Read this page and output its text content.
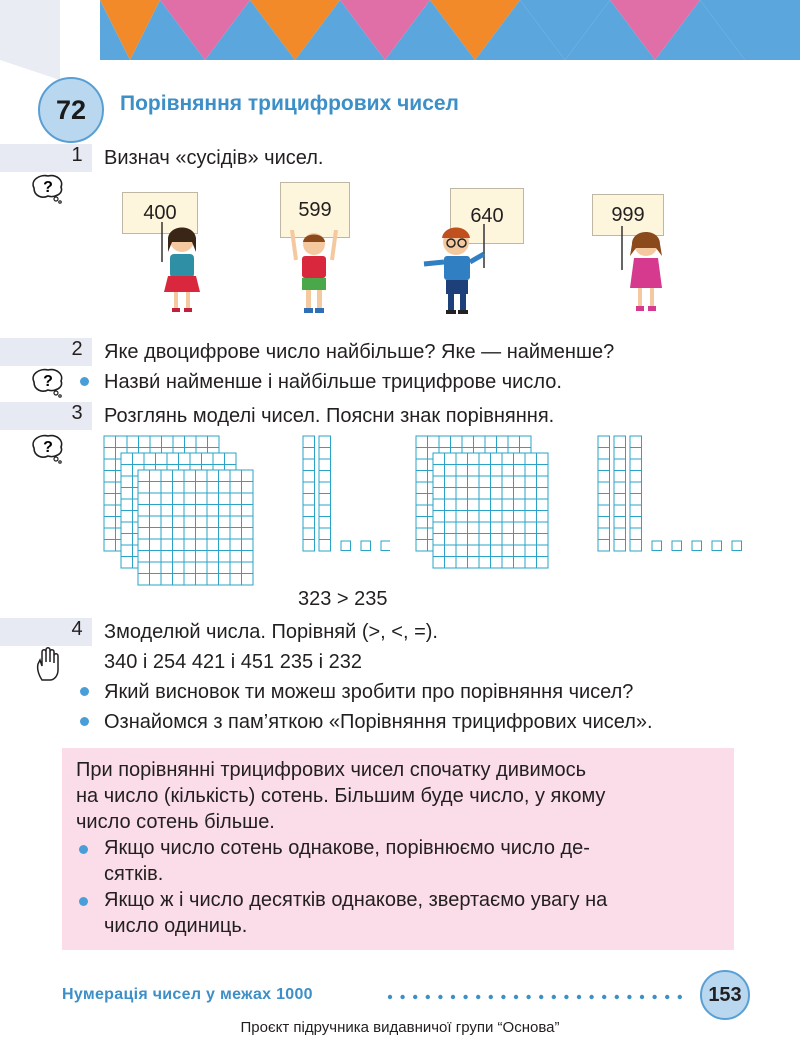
72 Порівняння трицифрових чисел
1 Визнач «сусідів» чисел.
?
400	599	640	999
2 Яке двоцифрове число найбільше? Яке — найменше?
?	Назви́ найменше і найбільше трицифрове число.
3 Розглянь моделі чисел. Поясни знак порівняння.
?
323 > 235
4 Змоделюй числа. Порівняй (>, <, =).
340 і 254 421 і 451 235 і 232
Який висновок ти можеш зробити про порівняння чисел?
Ознайомся з пам’яткою «Порівняння трицифрових чисел».
При порівнянні трицифрових чисел спочатку дивимось
на число (кількість) сотень. Більшим буде число, у якому
число сотень більше.
Якщо число сотень однакове, порівнюємо число де-
сятків.
Якщо ж і число десятків однакове, звертаємо увагу на
число одиниць.
Нумерація чисел у межах 1000	153
Проєкт підручника видавничої групи “Основа”
